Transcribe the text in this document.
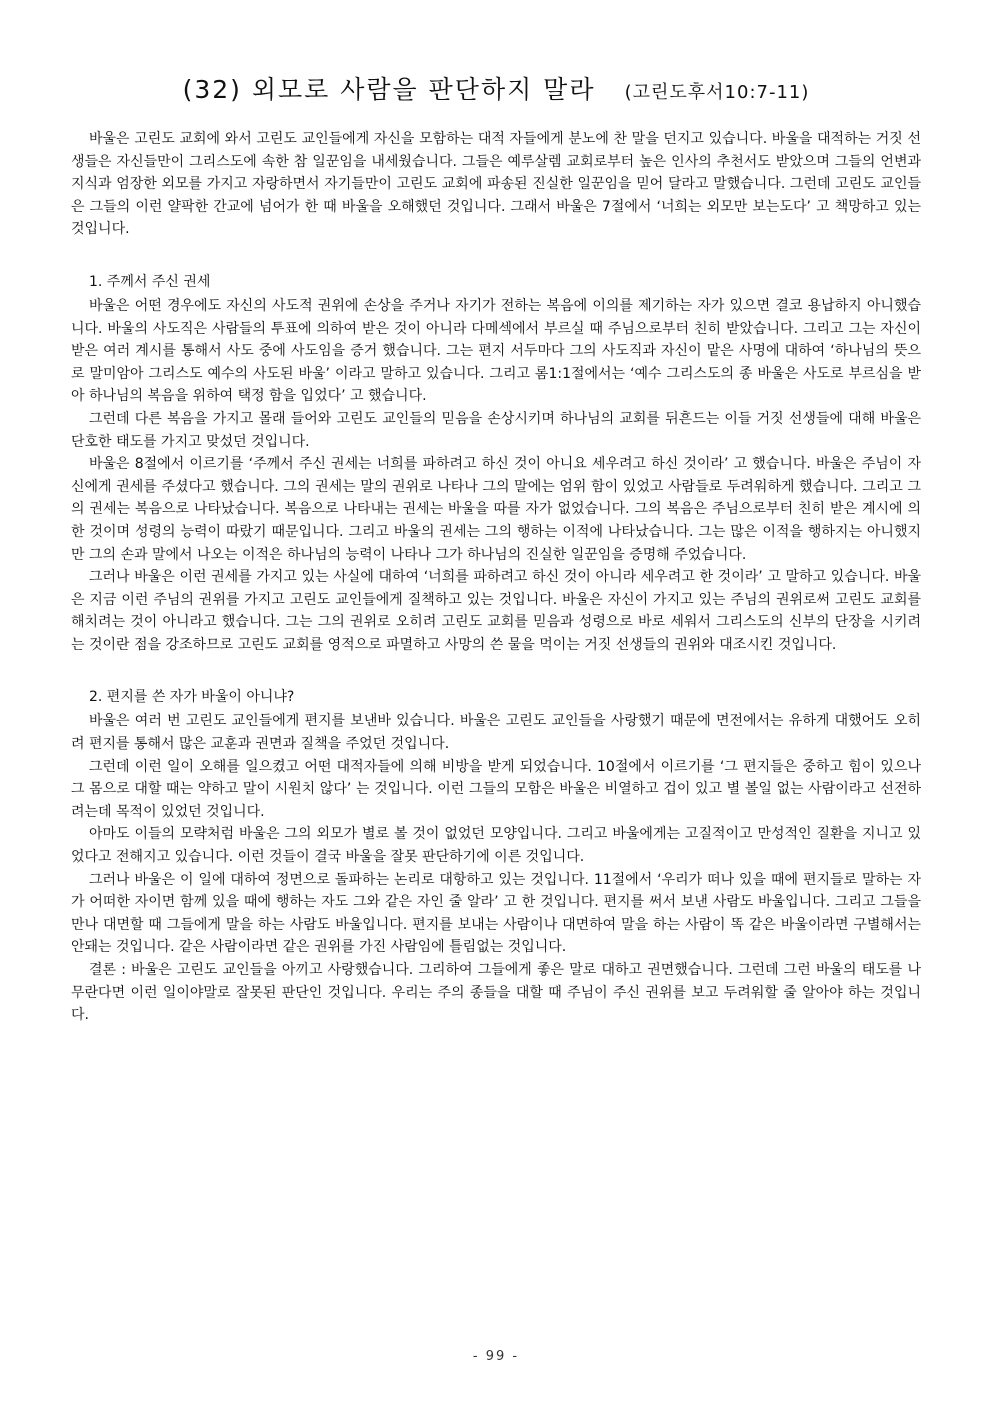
(32) 외모로 사람을 판단하지 말라 (고린도후서10:7-11)

바울은 고린도 교회에 와서 고린도 교인들에게 자신을 모함하는 대적 자들에게 분노에 찬 말을 던지고 있습니다. 바울을 대적하는 거짓 선생들은 자신들만이 그리스도에 속한 참 일꾼임을 내세웠습니다. 그들은 예루살렘 교회로부터 높은 인사의 추천서도 받았으며 그들의 언변과 지식과 엄장한 외모를 가지고 자랑하면서 자기들만이 고린도 교회에 파송된 진실한 일꾼임을 믿어 달라고 말했습니다. 그런데 고린도 교인들은 그들의 이런 얄팍한 간교에 넘어가 한 때 바울을 오해했던 것입니다. 그래서 바울은 7절에서 ‘너희는 외모만 보는도다’ 고 책망하고 있는 것입니다.

1. 주께서 주신 권세

바울은 어떤 경우에도 자신의 사도적 권위에 손상을 주거나 자기가 전하는 복음에 이의를 제기하는 자가 있으면 결코 용납하지 아니했습니다. 바울의 사도직은 사람들의 투표에 의하여 받은 것이 아니라 다메섹에서 부르실 때 주님으로부터 친히 받았습니다. 그리고 그는 자신이 받은 여러 계시를 통해서 사도 중에 사도임을 증거 했습니다. 그는 편지 서두마다 그의 사도직과 자신이 맡은 사명에 대하여 ‘하나님의 뜻으로 말미암아 그리스도 예수의 사도된 바울’ 이라고 말하고 있습니다. 그리고 롬1:1절에서는 ‘예수 그리스도의 종 바울은 사도로 부르심을 받아 하나님의 복음을 위하여 택정 함을 입었다’ 고 했습니다.

그런데 다른 복음을 가지고 몰래 들어와 고린도 교인들의 믿음을 손상시키며 하나님의 교회를 뒤흔드는 이들 거짓 선생들에 대해 바울은 단호한 태도를 가지고 맞섰던 것입니다.

바울은 8절에서 이르기를 ‘주께서 주신 권세는 너희를 파하려고 하신 것이 아니요 세우려고 하신 것이라’ 고 했습니다. 바울은 주님이 자신에게 권세를 주셨다고 했습니다. 그의 권세는 말의 권위로 나타나 그의 말에는 엄위 함이 있었고 사람들로 두려워하게 했습니다. 그리고 그의 권세는 복음으로 나타났습니다. 복음으로 나타내는 권세는 바울을 따를 자가 없었습니다. 그의 복음은 주님으로부터 친히 받은 계시에 의한 것이며 성령의 능력이 따랐기 때문입니다. 그리고 바울의 권세는 그의 행하는 이적에 나타났습니다. 그는 많은 이적을 행하지는 아니했지만 그의 손과 말에서 나오는 이적은 하나님의 능력이 나타나 그가 하나님의 진실한 일꾼임을 증명해 주었습니다.

그러나 바울은 이런 권세를 가지고 있는 사실에 대하여 ‘너희를 파하려고 하신 것이 아니라 세우려고 한 것이라’ 고 말하고 있습니다. 바울은 지금 이런 주님의 권위를 가지고 고린도 교인들에게 질책하고 있는 것입니다. 바울은 자신이 가지고 있는 주님의 권위로써 고린도 교회를 해치려는 것이 아니라고 했습니다. 그는 그의 권위로 오히려 고린도 교회를 믿음과 성령으로 바로 세워서 그리스도의 신부의 단장을 시키려는 것이란 점을 강조하므로 고린도 교회를 영적으로 파멸하고 사망의 쓴 물을 먹이는 거짓 선생들의 권위와 대조시킨 것입니다.

2. 편지를 쓴 자가 바울이 아니냐?

바울은 여러 번 고린도 교인들에게 편지를 보낸바 있습니다. 바울은 고린도 교인들을 사랑했기 때문에 면전에서는 유하게 대했어도 오히려 편지를 통해서 많은 교훈과 권면과 질책을 주었던 것입니다.

그런데 이런 일이 오해를 일으켰고 어떤 대적자들에 의해 비방을 받게 되었습니다. 10절에서 이르기를 ‘그 편지들은 중하고 힘이 있으나 그 몸으로 대할 때는 약하고 말이 시원치 않다’ 는 것입니다. 이런 그들의 모함은 바울은 비열하고 겁이 있고 별 볼일 없는 사람이라고 선전하려는데 목적이 있었던 것입니다.

아마도 이들의 모략처럼 바울은 그의 외모가 별로 볼 것이 없었던 모양입니다. 그리고 바울에게는 고질적이고 만성적인 질환을 지니고 있었다고 전해지고 있습니다. 이런 것들이 결국 바울을 잘못 판단하기에 이른 것입니다.

그러나 바울은 이 일에 대하여 정면으로 돌파하는 논리로 대항하고 있는 것입니다. 11절에서 ‘우리가 떠나 있을 때에 편지들로 말하는 자가 어떠한 자이면 함께 있을 때에 행하는 자도 그와 같은 자인 줄 알라’ 고 한 것입니다. 편지를 써서 보낸 사람도 바울입니다. 그리고 그들을 만나 대면할 때 그들에게 말을 하는 사람도 바울입니다. 편지를 보내는 사람이나 대면하여 말을 하는 사람이 똑 같은 바울이라면 구별해서는 안돼는 것입니다. 같은 사람이라면 같은 권위를 가진 사람임에 틀림없는 것입니다.

결론 : 바울은 고린도 교인들을 아끼고 사랑했습니다. 그리하여 그들에게 좋은 말로 대하고 권면했습니다. 그런데 그런 바울의 태도를 나무란다면 이런 일이야말로 잘못된 판단인 것입니다. 우리는 주의 종들을 대할 때 주님이 주신 권위를 보고 두려워할 줄 알아야 하는 것입니다.

- 99 -
